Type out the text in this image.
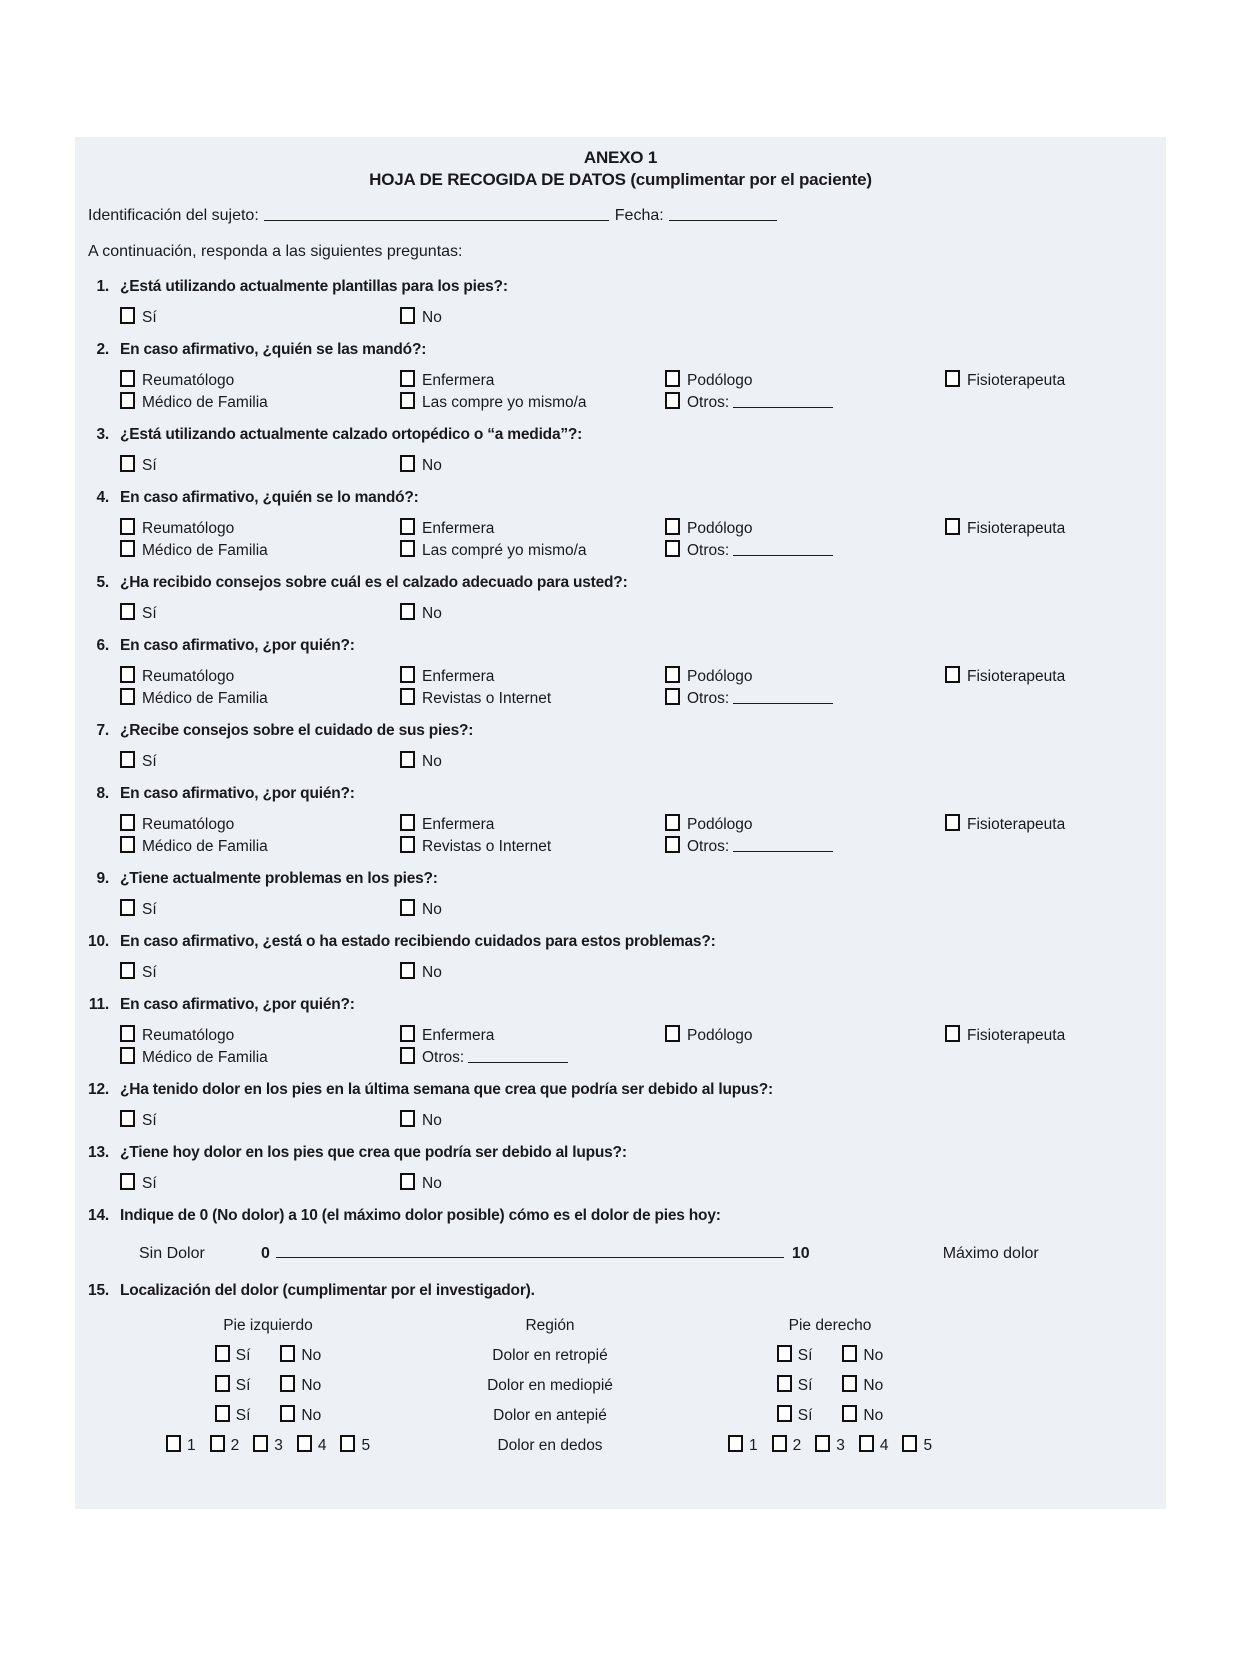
ANEXO 1
HOJA DE RECOGIDA DE DATOS (cumplimentar por el paciente)
Identificación del sujeto:	Fecha:
A continuación, responda a las siguientes preguntas:
1. ¿Está utilizando actualmente plantillas para los pies?:
Sí	No
2. En caso afirmativo, ¿quién se las mandó?:
Reumatólogo	Enfermera	Podólogo	Fisioterapeuta
Médico de Familia	Las compre yo mismo/a	Otros:
3. ¿Está utilizando actualmente calzado ortopédico o “a medida”?:
Sí	No
4. En caso afirmativo, ¿quién se lo mandó?:
Reumatólogo	Enfermera	Podólogo	Fisioterapeuta
Médico de Familia	Las compré yo mismo/a	Otros:
5. ¿Ha recibido consejos sobre cuál es el calzado adecuado para usted?:
Sí	No
6. En caso afirmativo, ¿por quién?:
Reumatólogo	Enfermera	Podólogo	Fisioterapeuta
Médico de Familia	Revistas o Internet	Otros:
7. ¿Recibe consejos sobre el cuidado de sus pies?:
Sí	No
8. En caso afirmativo, ¿por quién?:
Reumatólogo	Enfermera	Podólogo	Fisioterapeuta
Médico de Familia	Revistas o Internet	Otros:
9. ¿Tiene actualmente problemas en los pies?:
Sí	No
10. En caso afirmativo, ¿está o ha estado recibiendo cuidados para estos problemas?:
Sí	No
11. En caso afirmativo, ¿por quién?:
Reumatólogo	Enfermera	Podólogo	Fisioterapeuta
Médico de Familia	Otros:
12. ¿Ha tenido dolor en los pies en la última semana que crea que podría ser debido al lupus?:
Sí	No
13. ¿Tiene hoy dolor en los pies que crea que podría ser debido al lupus?:
Sí	No
14. Indique de 0 (No dolor) a 10 (el máximo dolor posible) cómo es el dolor de pies hoy:
Sin Dolor	0	10	Máximo dolor
15. Localización del dolor (cumplimentar por el investigador).
Pie izquierdo	Región	Pie derecho
Sí	No	Dolor en retropié	Sí	No
Sí	No	Dolor en mediopié	Sí	No
Sí	No	Dolor en antepié	Sí	No
1	2	3	4	5	Dolor en dedos	1	2	3	4	5
